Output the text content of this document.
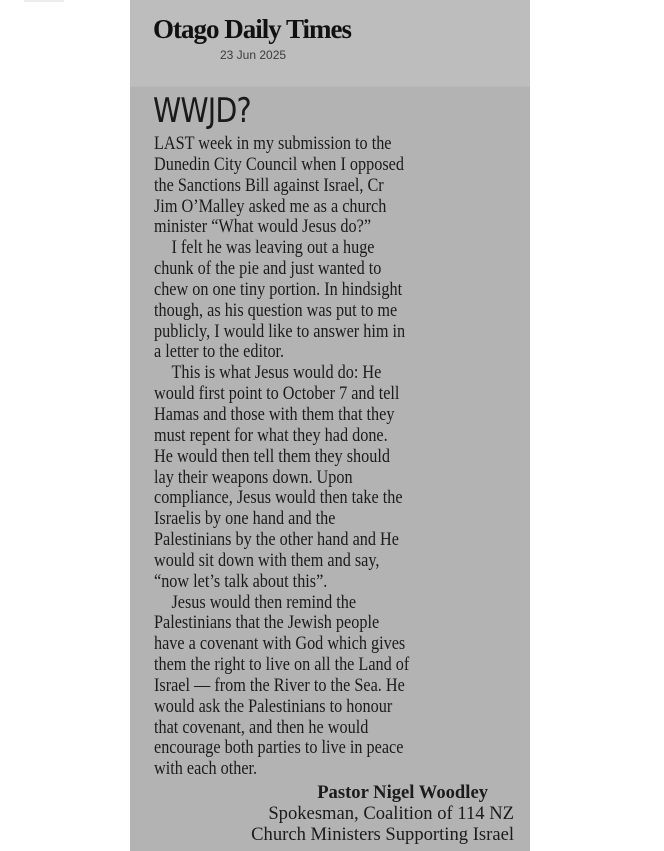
Otago Daily Times
23 Jun 2025
WWJD?
LAST week in my submission to the
Dunedin City Council when I opposed
the Sanctions Bill against Israel, Cr
Jim O’Malley asked me as a church
minister “What would Jesus do?”
I felt he was leaving out a huge
chunk of the pie and just wanted to
chew on one tiny portion. In hindsight
though, as his question was put to me
publicly, I would like to answer him in
a letter to the editor.
This is what Jesus would do: He
would first point to October 7 and tell
Hamas and those with them that they
must repent for what they had done.
He would then tell them they should
lay their weapons down. Upon
compliance, Jesus would then take the
Israelis by one hand and the
Palestinians by the other hand and He
would sit down with them and say,
“now let’s talk about this”.
Jesus would then remind the
Palestinians that the Jewish people
have a covenant with God which gives
them the right to live on all the Land of
Israel — from the River to the Sea. He
would ask the Palestinians to honour
that covenant, and then he would
encourage both parties to live in peace
with each other.
Pastor Nigel Woodley
Spokesman, Coalition of 114 NZ
Church Ministers Supporting Israel
